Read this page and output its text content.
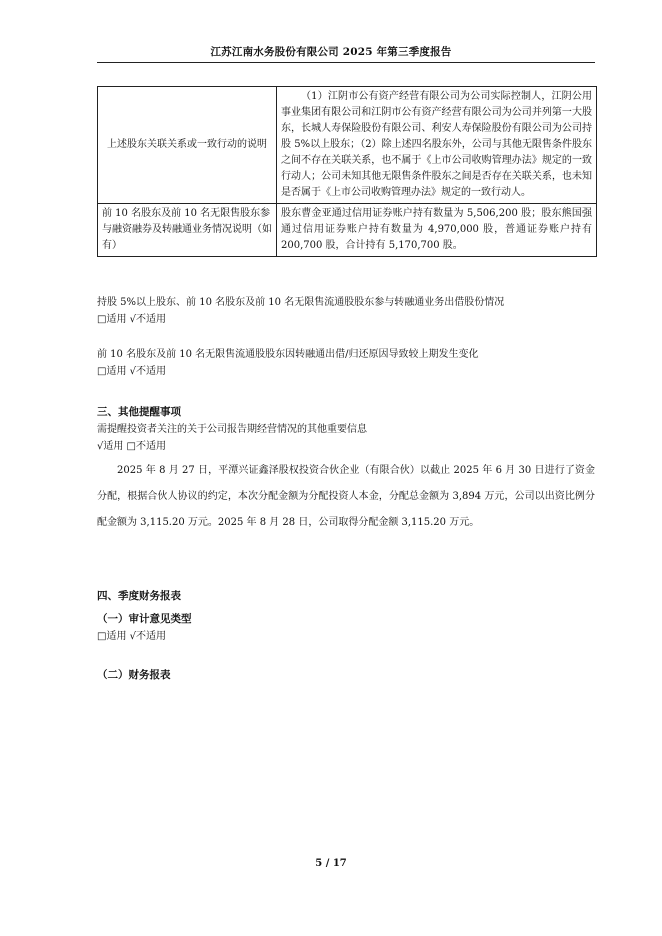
江苏江南水务股份有限公司 2025 年第三季度报告
上述股东关联关系或一致行动的说明	（1）江阴市公有资产经营有限公司为公司实际控制人，江阴公用事业集团有限公司和江阴市公有资产经营有限公司为公司并列第一大股东，长城人寿保险股份有限公司、利安人寿保险股份有限公司为公司持股 5%以上股东；（2）除上述四名股东外，公司与其他无限售条件股东之间不存在关联关系，也不属于《上市公司收购管理办法》规定的一致行动人；公司未知其他无限售条件股东之间是否存在关联关系，也未知是否属于《上市公司收购管理办法》规定的一致行动人。

前 10 名股东及前 10 名无限售股东参与融资融券及转融通业务情况说明（如有）	股东曹金亚通过信用证券账户持有数量为 5,506,200 股；股东熊国强通过信用证券账户持有数量为 4,970,000 股，普通证券账户持有 200,700 股，合计持有 5,170,700 股。
持股 5%以上股东、前 10 名股东及前 10 名无限售流通股股东参与转融通业务出借股份情况
□适用 √不适用
前 10 名股东及前 10 名无限售流通股股东因转融通出借/归还原因导致较上期发生变化
□适用 √不适用
三、其他提醒事项
需提醒投资者关注的关于公司报告期经营情况的其他重要信息
√适用 □不适用
2025 年 8 月 27 日，平潭兴证鑫泽股权投资合伙企业（有限合伙）以截止 2025 年 6 月 30 日进行了资金分配，根据合伙人协议的约定，本次分配金额为分配投资人本金，分配总金额为 3,894 万元，公司以出资比例分配金额为 3,115.20 万元。2025 年 8 月 28 日，公司取得分配金额 3,115.20 万元。
四、季度财务报表
（一）审计意见类型
□适用 √不适用
（二）财务报表
5 / 17
